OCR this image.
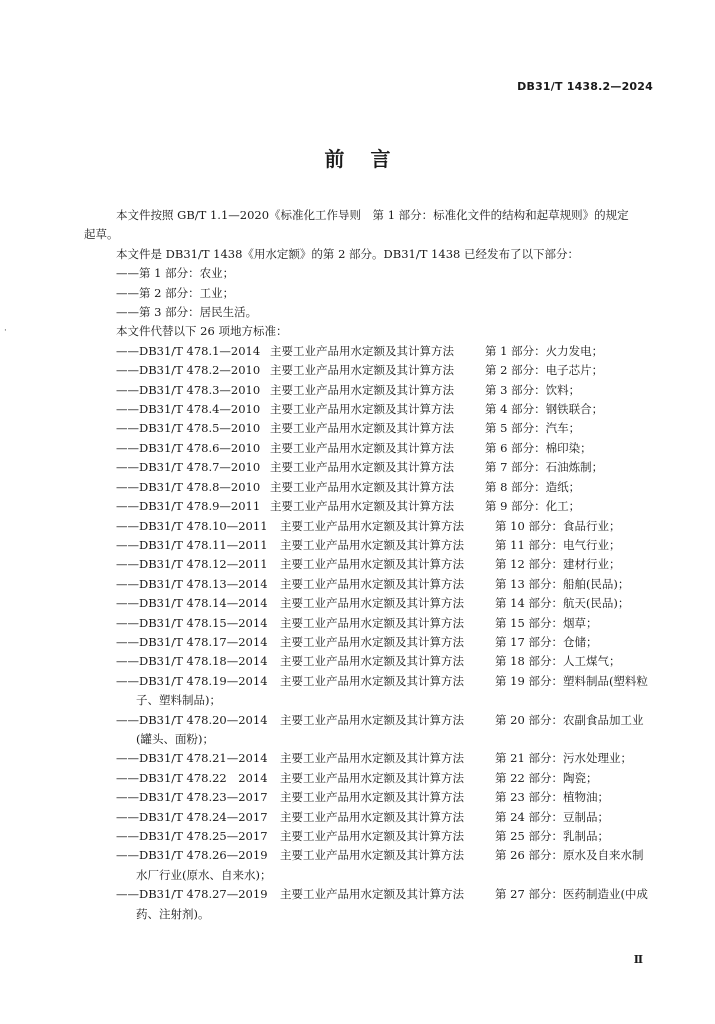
DB31/T 1438.2—2024
前言
·
本文件按照 GB/T 1.1—2020《标准化工作导则　第 1 部分：标准化文件的结构和起草规则》的规定
起草。
本文件是 DB31/T 1438《用水定额》的第 2 部分。DB31/T 1438 已经发布了以下部分：
——第 1 部分：农业；
——第 2 部分：工业；
——第 3 部分：居民生活。
本文件代替以下 26 项地方标准：
——DB31/T 478.1—2014 主要工业产品用水定额及其计算方法	第 1 部分：火力发电；
——DB31/T 478.2—2010 主要工业产品用水定额及其计算方法	第 2 部分：电子芯片；
——DB31/T 478.3—2010 主要工业产品用水定额及其计算方法	第 3 部分：饮料；
——DB31/T 478.4—2010 主要工业产品用水定额及其计算方法	第 4 部分：钢铁联合；
——DB31/T 478.5—2010 主要工业产品用水定额及其计算方法	第 5 部分：汽车；
——DB31/T 478.6—2010 主要工业产品用水定额及其计算方法	第 6 部分：棉印染；
——DB31/T 478.7—2010 主要工业产品用水定额及其计算方法	第 7 部分：石油炼制；
——DB31/T 478.8—2010 主要工业产品用水定额及其计算方法	第 8 部分：造纸；
——DB31/T 478.9—2011 主要工业产品用水定额及其计算方法	第 9 部分：化工；
——DB31/T 478.10—2011	主要工业产品用水定额及其计算方法	第 10 部分：食品行业；
——DB31/T 478.11—2011	主要工业产品用水定额及其计算方法	第 11 部分：电气行业；
——DB31/T 478.12—2011	主要工业产品用水定额及其计算方法	第 12 部分：建材行业；
——DB31/T 478.13—2014	主要工业产品用水定额及其计算方法	第 13 部分：船舶(民品)；
——DB31/T 478.14—2014	主要工业产品用水定额及其计算方法	第 14 部分：航天(民品)；
——DB31/T 478.15—2014	主要工业产品用水定额及其计算方法	第 15 部分：烟草；
——DB31/T 478.17—2014	主要工业产品用水定额及其计算方法	第 17 部分：仓储；
——DB31/T 478.18—2014	主要工业产品用水定额及其计算方法	第 18 部分：人工煤气；
——DB31/T 478.19—2014	主要工业产品用水定额及其计算方法	第 19 部分：塑料制品(塑料粒
子、塑料制品)；
——DB31/T 478.20—2014	主要工业产品用水定额及其计算方法	第 20 部分：农副食品加工业
(罐头、面粉)；
——DB31/T 478.21—2014	主要工业产品用水定额及其计算方法	第 21 部分：污水处理业；
——DB31/T 478.22　2014	主要工业产品用水定额及其计算方法	第 22 部分：陶瓷；
——DB31/T 478.23—2017	主要工业产品用水定额及其计算方法	第 23 部分：植物油；
——DB31/T 478.24—2017	主要工业产品用水定额及其计算方法	第 24 部分：豆制品；
——DB31/T 478.25—2017	主要工业产品用水定额及其计算方法	第 25 部分：乳制品；
——DB31/T 478.26—2019	主要工业产品用水定额及其计算方法	第 26 部分：原水及自来水制
水厂行业(原水、自来水)；
——DB31/T 478.27—2019	主要工业产品用水定额及其计算方法	第 27 部分：医药制造业(中成
药、注射剂)。
Ⅱ
